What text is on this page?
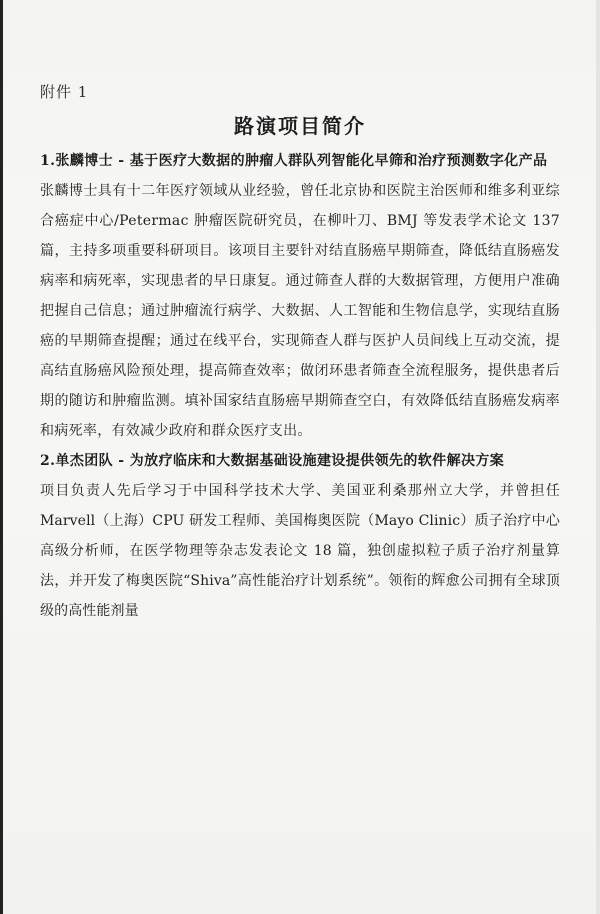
附件 1
路演项目简介

1.张麟博士 - 基于医疗大数据的肿瘤人群队列智能化早筛和治疗预测数字化产品

张麟博士具有十二年医疗领域从业经验，曾任北京协和医院主治医师和维多利亚综合癌症中心/Petermac 肿瘤医院研究员，在柳叶刀、BMJ 等发表学术论文 137 篇，主持多项重要科研项目。该项目主要针对结直肠癌早期筛查，降低结直肠癌发病率和病死率，实现患者的早日康复。通过筛查人群的大数据管理，方便用户准确把握自己信息；通过肿瘤流行病学、大数据、人工智能和生物信息学，实现结直肠癌的早期筛查提醒；通过在线平台，实现筛查人群与医护人员间线上互动交流，提高结直肠癌风险预处理，提高筛查效率；做闭环患者筛查全流程服务，提供患者后期的随访和肿瘤监测。填补国家结直肠癌早期筛查空白，有效降低结直肠癌发病率和病死率，有效减少政府和群众医疗支出。

2.单杰团队 - 为放疗临床和大数据基础设施建设提供领先的软件解决方案

项目负责人先后学习于中国科学技术大学、美国亚利桑那州立大学，并曾担任 Marvell（上海）CPU 研发工程师、美国梅奥医院（Mayo Clinic）质子治疗中心高级分析师，在医学物理等杂志发表论文 18 篇，独创虚拟粒子质子治疗剂量算法，并开发了梅奥医院“Shiva”高性能治疗计划系统”。领衔的辉愈公司拥有全球顶级的高性能剂量
